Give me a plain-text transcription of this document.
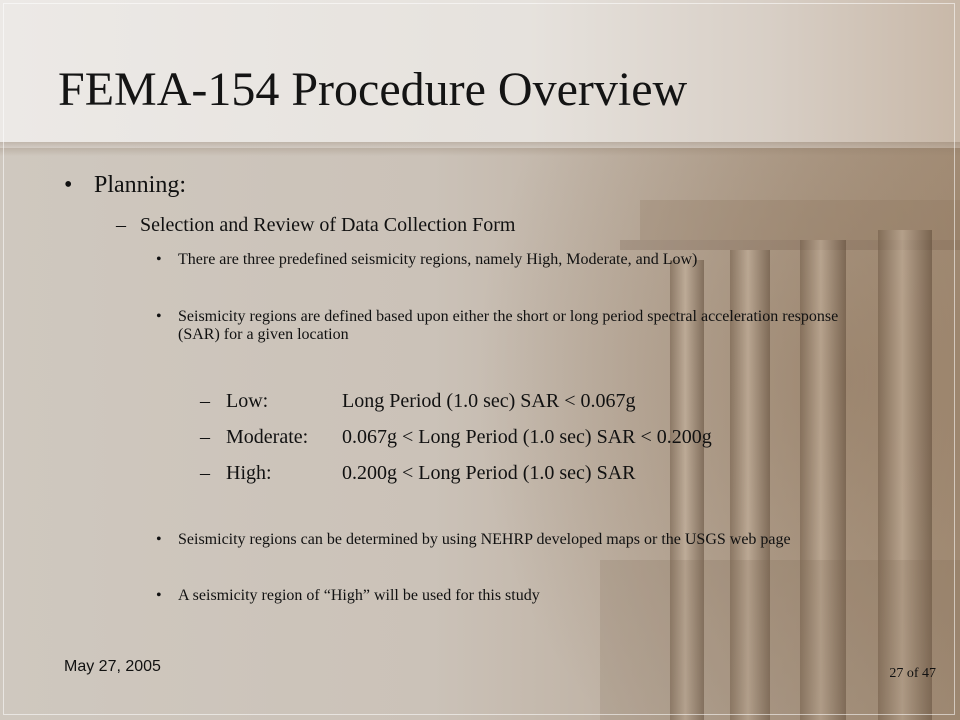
FEMA-154 Procedure Overview
• Planning:
– Selection and Review of Data Collection Form
• There are three predefined seismicity regions, namely High, Moderate, and Low)
• Seismicity regions are defined based upon either the short or long period spectral acceleration response (SAR) for a given location
– Low:	Long Period (1.0 sec) SAR < 0.067g
– Moderate: 0.067g < Long Period (1.0 sec) SAR < 0.200g
– High:	0.200g < Long Period (1.0 sec) SAR
• Seismicity regions can be determined by using NEHRP developed maps or the USGS web page
• A seismicity region of “High” will be used for this study
May 27, 2005	27 of 47
